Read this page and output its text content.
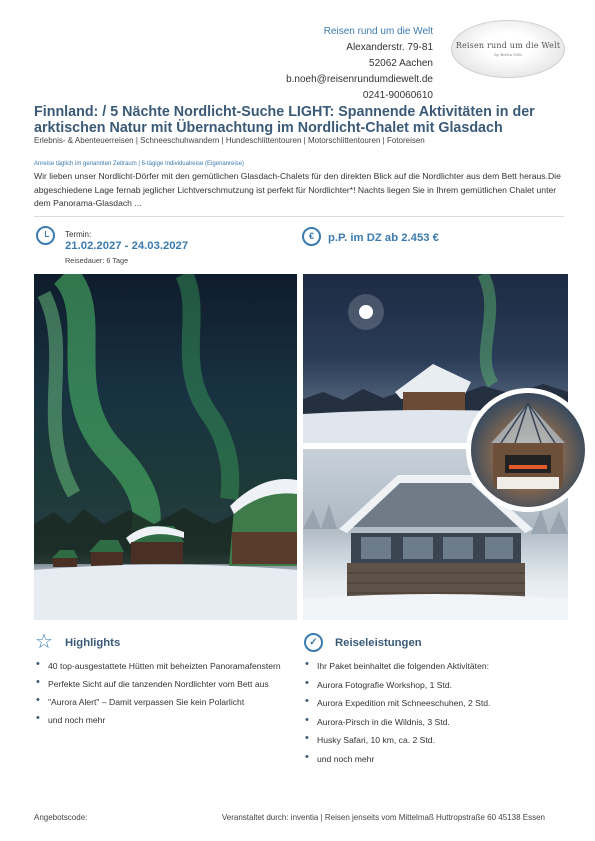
Reisen rund um die Welt
Alexanderstr. 79-81
52062 Aachen
b.noeh@reisenrundumdiewelt.de
0241-90060610
Reisen rund um die Welt
by Britta Nöh
Finnland: / 5 Nächte Nordlicht-Suche LIGHT: Spannende Aktivitäten in der arktischen Natur mit Übernachtung im Nordlicht-Chalet mit Glasdach
Erlebnis- & Abenteuerreisen | Schneeschuhwandern | Hundeschlittentouren | Motorschlittentouren | Fotoreisen
Anreise täglich im genannten Zeitraum | 6-tägige Individualreise (Eigenanreise)
Wir lieben unser Nordlicht-Dörfer mit den gemütlichen Glasdach-Chalets für den direkten Blick auf die Nordlichter aus dem Bett heraus.Die abgeschiedene Lage fernab jeglicher Lichtverschmutzung ist perfekt für Nordlichter*! Nachts liegen Sie in Ihrem gemütlichen Chalet unter dem Panorama-Glasdach ...
Termin:
21.02.2027 - 24.03.2027
Reisedauer: 6 Tage
€	p.P. im DZ ab 2.453 €
☆ Highlights
• 40 top-ausgestattete Hütten mit beheizten Panoramafenstern
• Perfekte Sicht auf die tanzenden Nordlichter vom Bett aus
• "Aurora Alert" – Damit verpassen Sie kein Polarlicht
• und noch mehr
✓	Reiseleistungen
• Ihr Paket beinhaltet die folgenden Aktivitäten:
• Aurora Fotografie Workshop, 1 Std.
• Aurora Expedition mit Schneeschuhen, 2 Std.
• Aurora-Pirsch in die Wildnis, 3 Std.
• Husky Safari, 10 km, ca. 2 Std.
• und noch mehr
Angebotscode:	Veranstaltet durch: inventia | Reisen jenseits vom Mittelmaß Huttropstraße 60 45138 Essen
